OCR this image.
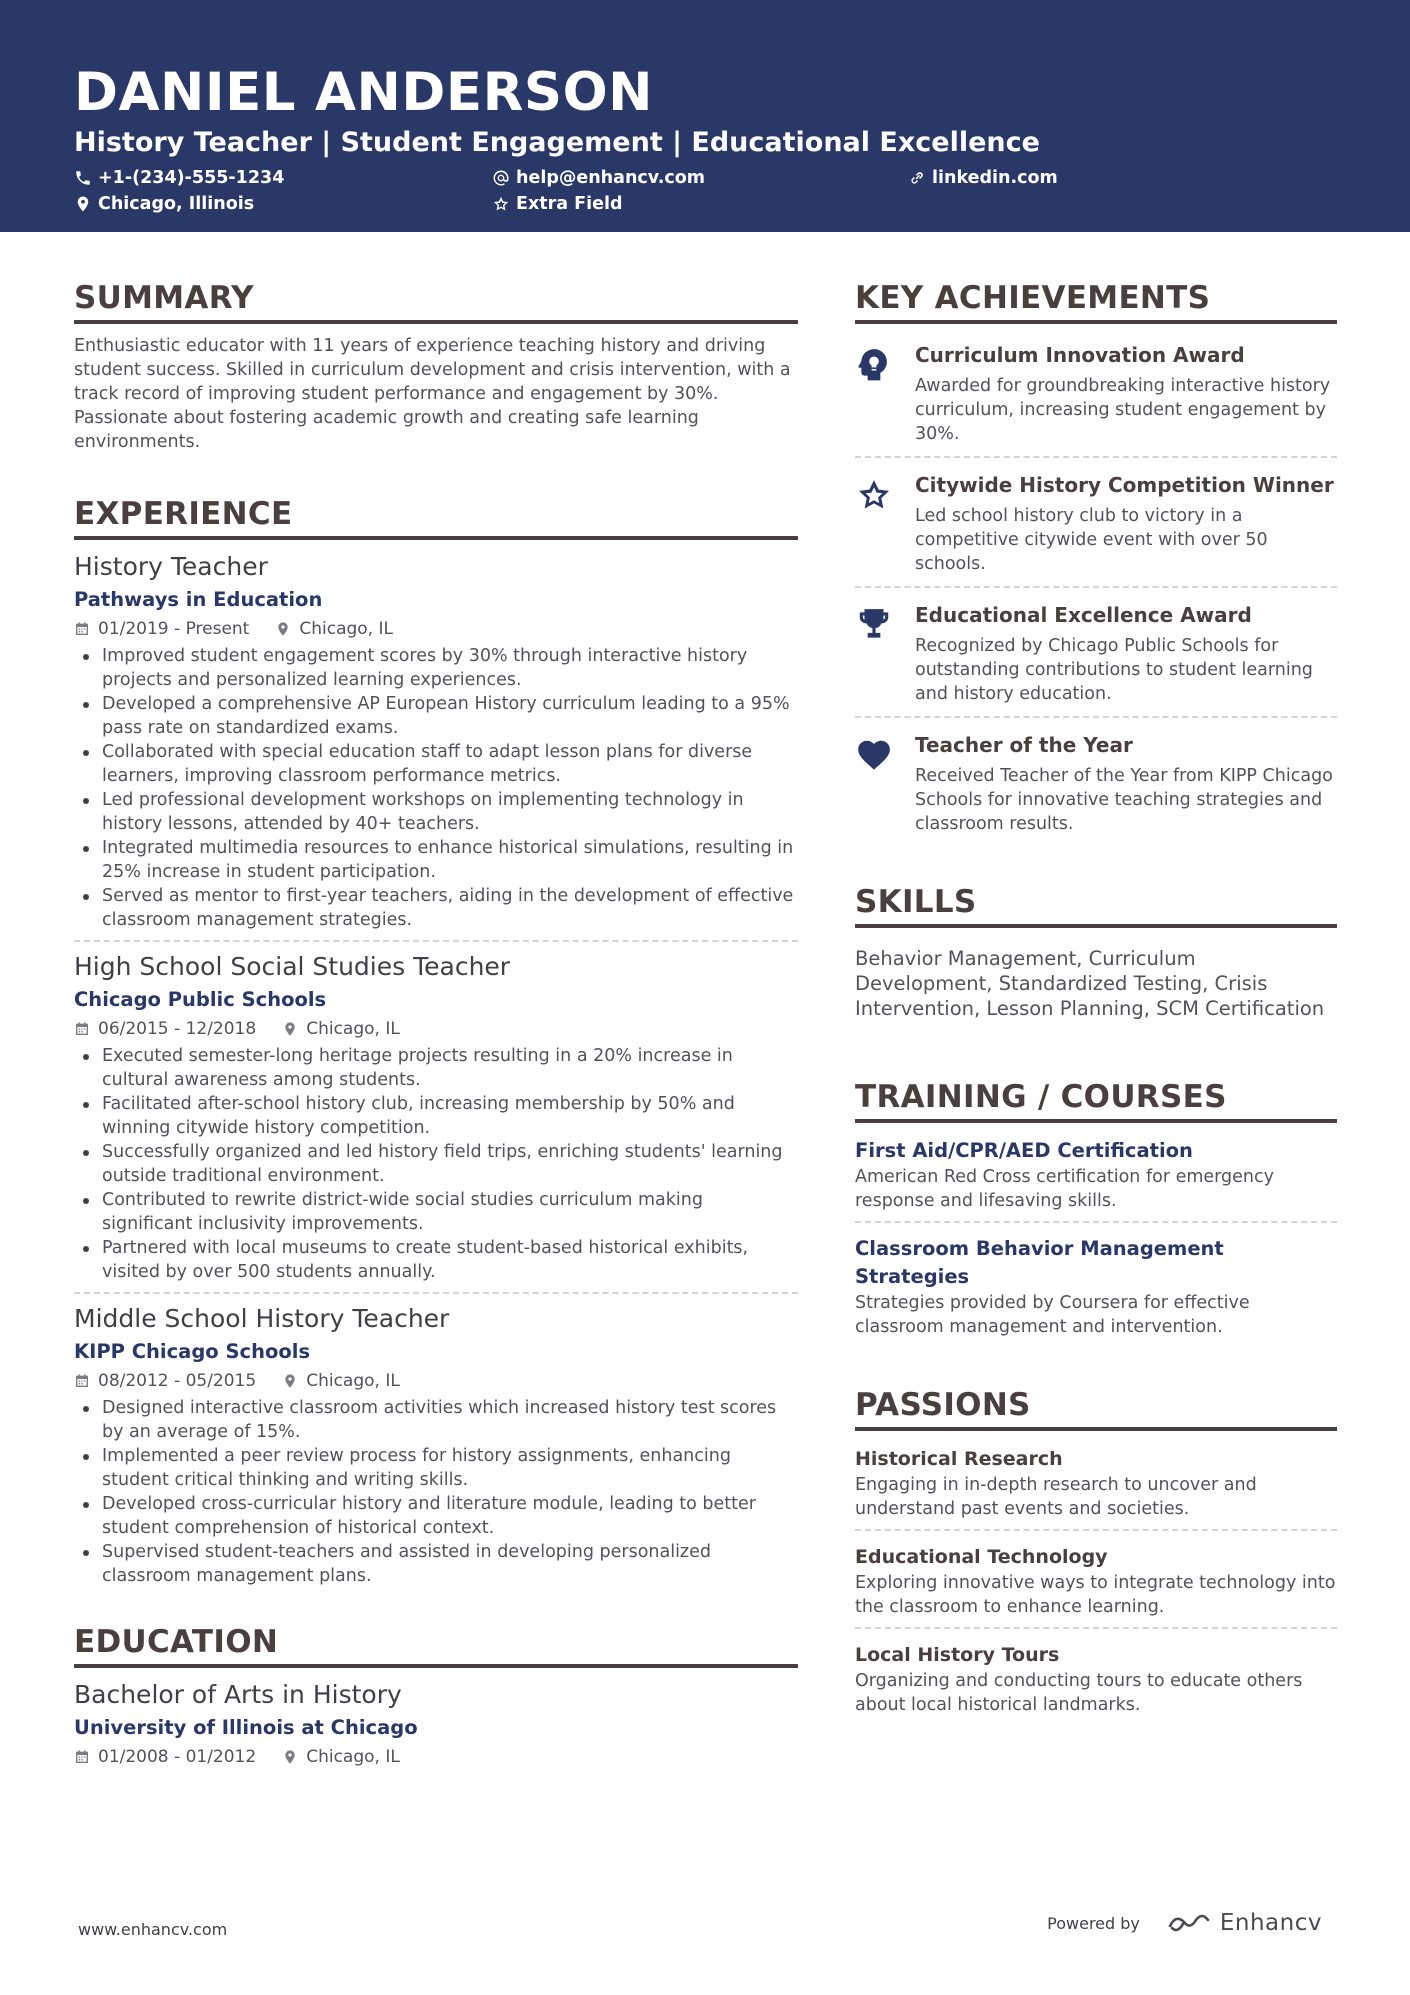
DANIEL ANDERSON
History Teacher | Student Engagement | Educational Excellence
+1-(234)-555-1234	help@enhancv.com	linkedin.com
Chicago, Illinois	Extra Field
SUMMARY

Enthusiastic educator with 11 years of experience teaching history and driving student success. Skilled in curriculum development and crisis intervention, with a track record of improving student performance and engagement by 30%. Passionate about fostering academic growth and creating safe learning environments.

EXPERIENCE
History Teacher
Pathways in Education
01/2019 - Present	Chicago, IL
Improved student engagement scores by 30% through interactive history projects and personalized learning experiences.
Developed a comprehensive AP European History curriculum leading to a 95% pass rate on standardized exams.
Collaborated with special education staff to adapt lesson plans for diverse learners, improving classroom performance metrics.
Led professional development workshops on implementing technology in history lessons, attended by 40+ teachers.
Integrated multimedia resources to enhance historical simulations, resulting in 25% increase in student participation.
Served as mentor to first-year teachers, aiding in the development of effective classroom management strategies.
High School Social Studies Teacher
Chicago Public Schools
06/2015 - 12/2018	Chicago, IL
Executed semester-long heritage projects resulting in a 20% increase in cultural awareness among students.
Facilitated after-school history club, increasing membership by 50% and winning citywide history competition.
Successfully organized and led history field trips, enriching students' learning outside traditional environment.
Contributed to rewrite district-wide social studies curriculum making significant inclusivity improvements.
Partnered with local museums to create student-based historical exhibits, visited by over 500 students annually.
Middle School History Teacher
KIPP Chicago Schools
08/2012 - 05/2015	Chicago, IL
Designed interactive classroom activities which increased history test scores by an average of 15%.
Implemented a peer review process for history assignments, enhancing student critical thinking and writing skills.
Developed cross-curricular history and literature module, leading to better student comprehension of historical context.
Supervised student-teachers and assisted in developing personalized classroom management plans.
EDUCATION
Bachelor of Arts in History
University of Illinois at Chicago
01/2008 - 01/2012	Chicago, IL
KEY ACHIEVEMENTS
Curriculum Innovation Award
Awarded for groundbreaking interactive history curriculum, increasing student engagement by 30%.
Citywide History Competition Winner
Led school history club to victory in a competitive citywide event with over 50 schools.
Educational Excellence Award
Recognized by Chicago Public Schools for outstanding contributions to student learning and history education.
Teacher of the Year
Received Teacher of the Year from KIPP Chicago Schools for innovative teaching strategies and classroom results.
SKILLS
Behavior Management, Curriculum Development, Standardized Testing, Crisis Intervention, Lesson Planning, SCM Certification
TRAINING / COURSES
First Aid/CPR/AED Certification
American Red Cross certification for emergency response and lifesaving skills.
Classroom Behavior Management Strategies
Strategies provided by Coursera for effective classroom management and intervention.
PASSIONS
Historical Research
Engaging in in-depth research to uncover and understand past events and societies.
Educational Technology
Exploring innovative ways to integrate technology into the classroom to enhance learning.
Local History Tours
Organizing and conducting tours to educate others about local historical landmarks.
www.enhancv.com	Powered by	Enhancv
